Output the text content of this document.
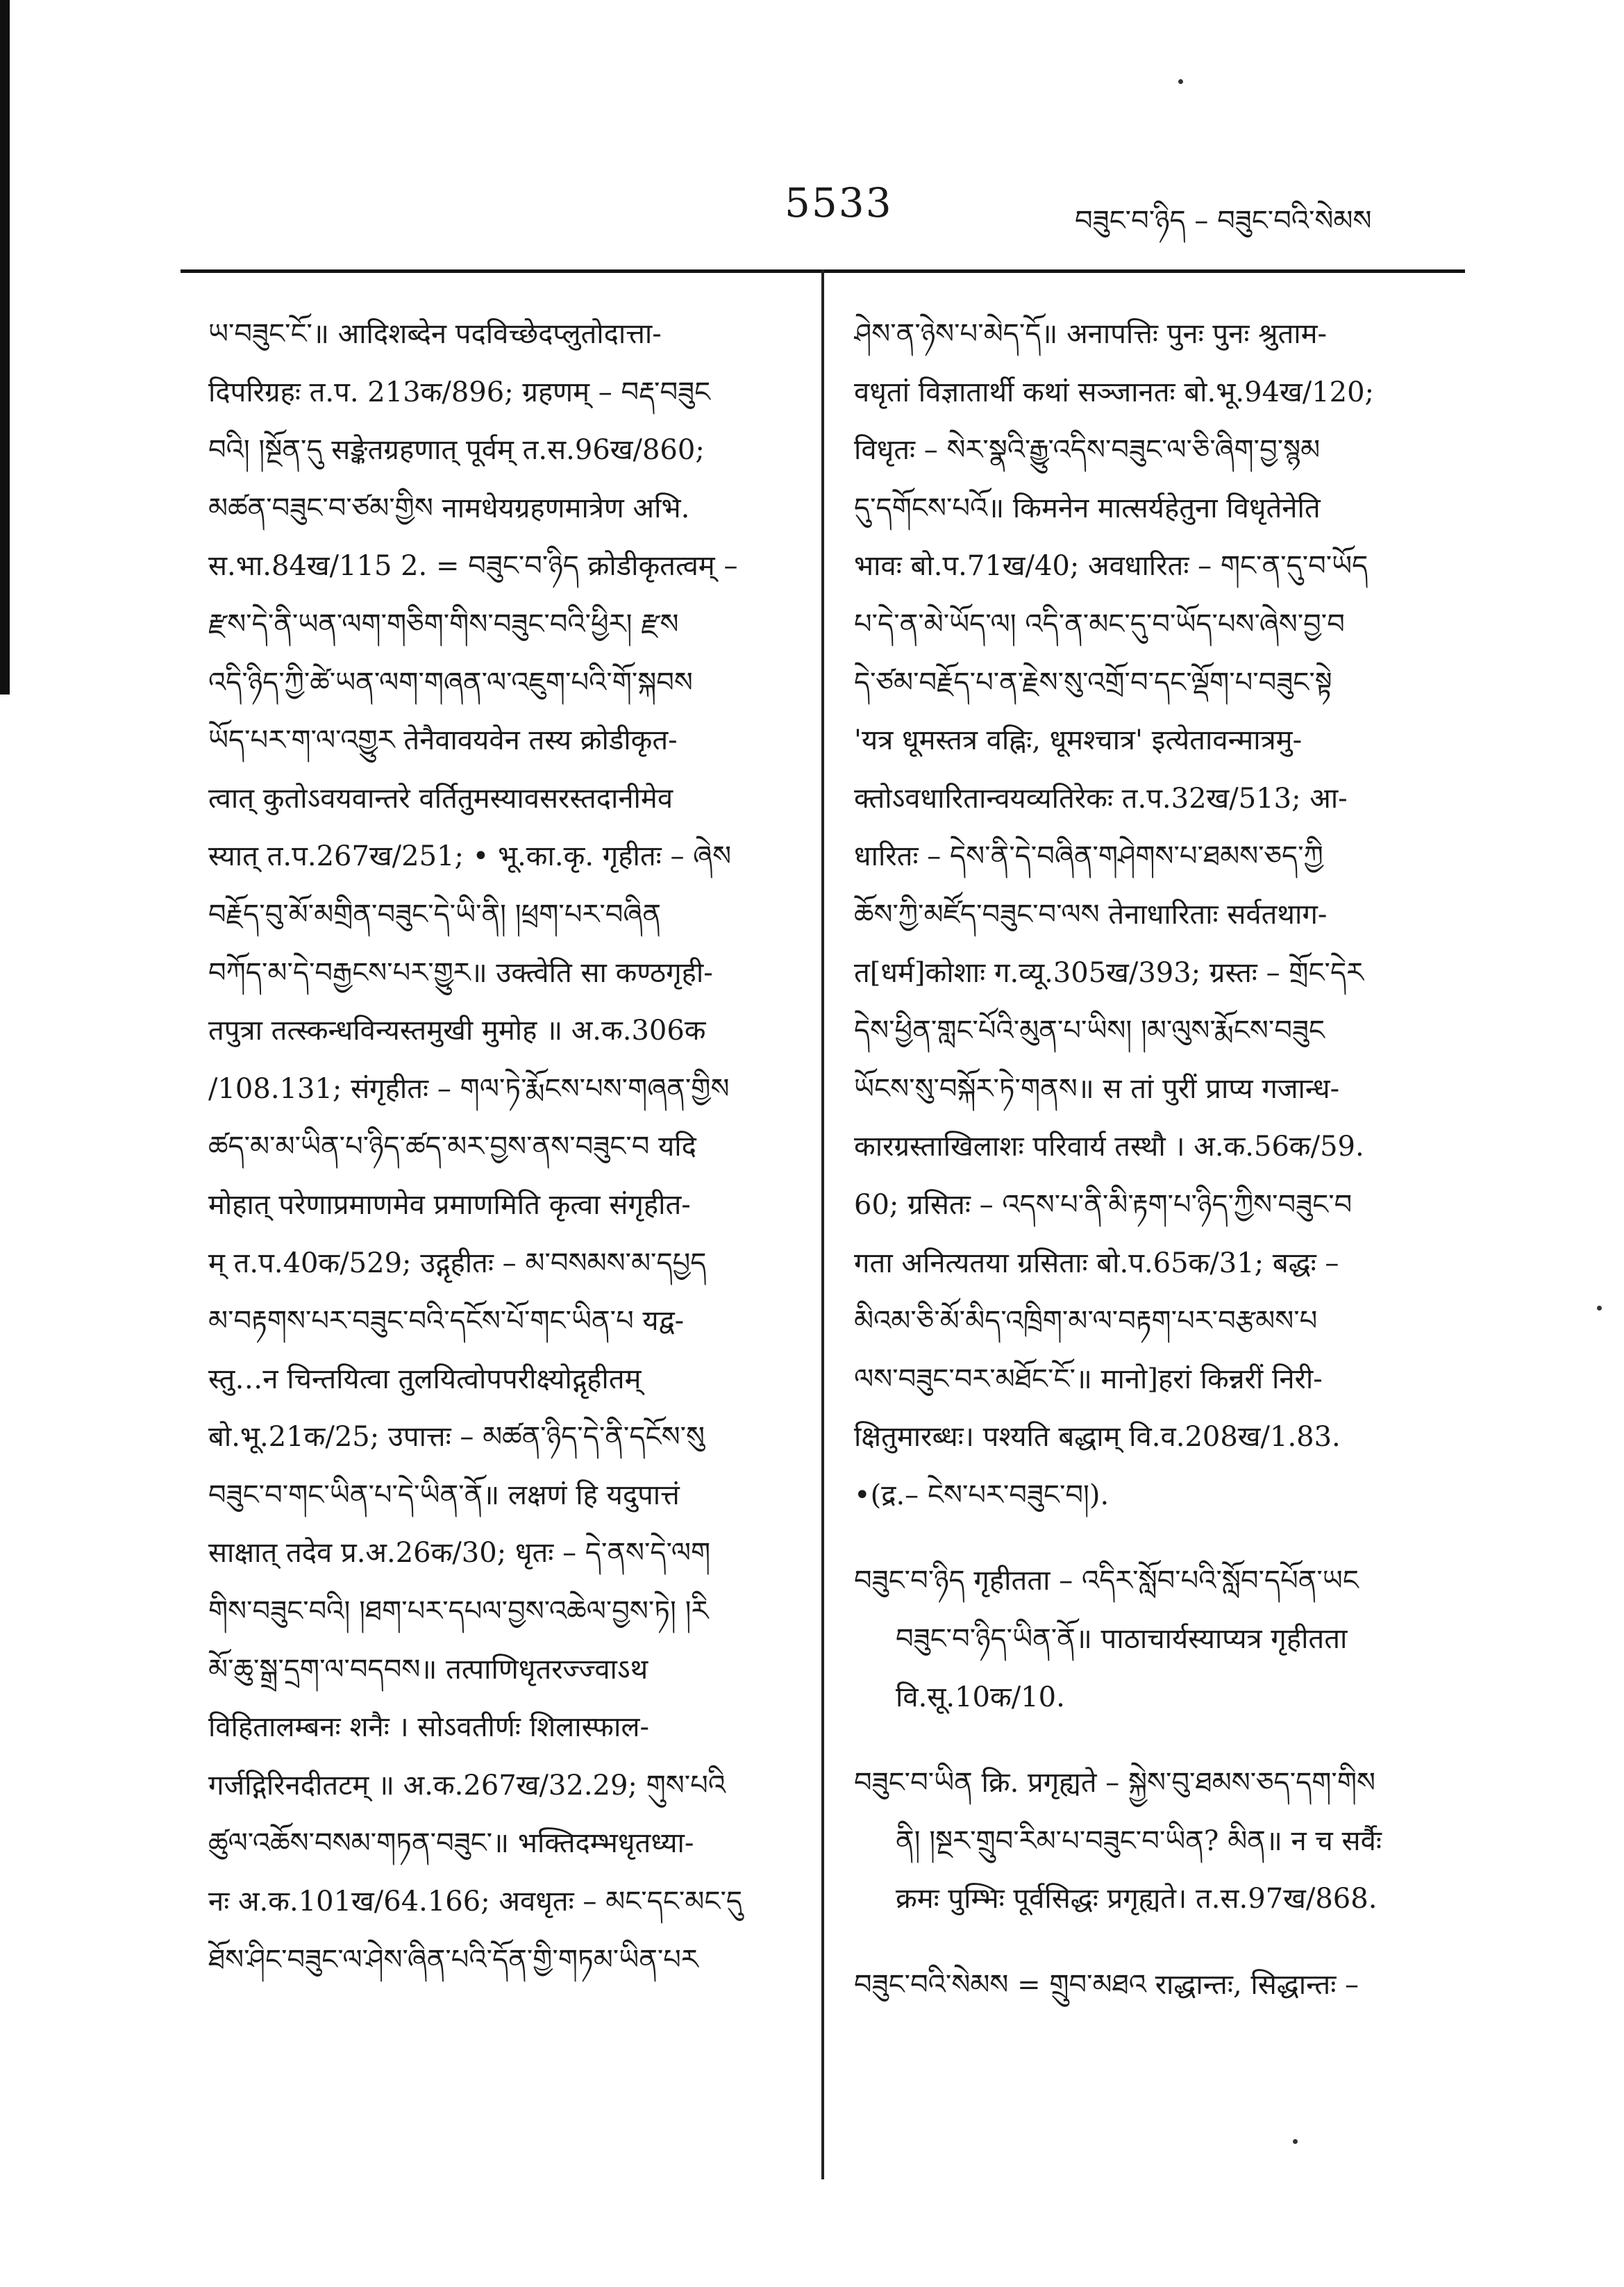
5533	བཟུང་བ་ཉིད – བཟུང་བའི་སེམས
ཡ་བཟུང་ངོ་॥ आदिशब्देन पदविच्छेदप्लुतोदात्ता-
दिपरिग्रहः त.प. 213क/896; ग्रहणम् – བརྡ་བཟུང
བའི། །སྔོན་དུ सङ्केतग्रहणात् पूर्वम् त.स.96ख/860;
མཚན་བཟུང་བ་ཙམ་གྱིས नामधेयग्रहणमात्रेण अभि.
स.भा.84ख/115 2. = བཟུང་བ་ཉིད क्रोडीकृतत्वम् –
རྫས་དེ་ནི་ཡན་ལག་གཅིག་གིས་བཟུང་བའི་ཕྱིར། རྫས
འདི་ཉིད་ཀྱི་ཚེ་ཡན་ལག་གཞན་ལ་འཇུག་པའི་གོ་སྐབས
ཡོད་པར་ག་ལ་འགྱུར तेनैवावयवेन तस्य क्रोडीकृत-
त्वात् कुतोऽवयवान्तरे वर्तितुमस्यावसरस्तदानीमेव
स्यात् त.प.267ख/251; • भू.का.कृ. गृहीतः – ཞེས
བརྗོད་བུ་མོ་མགྲིན་བཟུང་དེ་ཡི་ནི། །ཕྲག་པར་བཞིན
བཀོད་མ་དེ་བརྒྱངས་པར་གྱུར॥ उक्त्वेति सा कण्ठगृही-
तपुत्रा तत्स्कन्धविन्यस्तमुखी मुमोह ॥ अ.क.306क
/108.131; संगृहीतः – གལ་ཏེ་རྨོངས་པས་གཞན་གྱིས
ཚད་མ་མ་ཡིན་པ་ཉིད་ཚད་མར་བྱས་ནས་བཟུང་བ यदि
मोहात् परेणाप्रमाणमेव प्रमाणमिति कृत्वा संगृहीत-
म् त.प.40क/529; उद्गृहीतः – མ་བསམས་མ་དཔྱད
མ་བརྟགས་པར་བཟུང་བའི་དངོས་པོ་གང་ཡིན་པ यद्व-
स्तु…न चिन्तयित्वा तुलयित्वोपपरीक्ष्योद्गृहीतम्
बो.भू.21क/25; उपात्तः – མཚན་ཉིད་དེ་ནི་དངོས་སུ
བཟུང་བ་གང་ཡིན་པ་དེ་ཡིན་ནོ॥ लक्षणं हि यदुपात्तं
साक्षात् तदेव प्र.अ.26क/30; धृतः – དེ་ནས་དེ་ལག
གིས་བཟུང་བའི། །ཐག་པར་དཔལ་བྱས་འཆེལ་བྱས་ཏེ། །རི
མོ་ཆུ་སྒྲ་དྲག་ལ་བདབས॥ तत्पाणिधृतरज्ज्वाऽथ
विहितालम्बनः शनैः । सोऽवतीर्णः शिलास्फाल-
गर्जद्गिरिनदीतटम् ॥ अ.क.267ख/32.29; གུས་པའི
ཚུལ་འཆོས་བསམ་གཏན་བཟུང་॥ भक्तिदम्भधृतध्या-
नः अ.क.101ख/64.166; अवधृतः – མང་དང་མང་དུ
ཐོས་ཤིང་བཟུང་ལ་ཤེས་ཞིན་པའི་དོན་གྱི་གཏམ་ཡིན་པར
ཤེས་ན་ཉེས་པ་མེད་དོ॥ अनापत्तिः पुनः पुनः श्रुताम-
वधृतां विज्ञातार्थी कथां सञ्जानतः बो.भू.94ख/120;
विधृतः – སེར་སྣའི་རྒྱུ་འདིས་བཟུང་ལ་ཅི་ཞིག་བྱ་སྙམ
དུ་དགོངས་པའོ॥ किमनेन मात्सर्यहेतुना विधृतेनेति
भावः बो.प.71ख/40; अवधारितः – གང་ན་དུ་བ་ཡོད
པ་དེ་ན་མེ་ཡོད་ལ། འདི་ན་མང་དུ་བ་ཡོད་པས་ཞེས་བྱ་བ
དེ་ཙམ་བརྗོད་པ་ན་རྗེས་སུ་འགྲོ་བ་དང་ལྡོག་པ་བཟུང་སྟེ
'यत्र धूमस्तत्र वह्निः, धूमश्चात्र' इत्येतावन्मात्रमु-
क्तोऽवधारितान्वयव्यतिरेकः त.प.32ख/513; आ-
धारितः – དེས་ནི་དེ་བཞིན་གཤེགས་པ་ཐམས་ཅད་ཀྱི
ཆོས་ཀྱི་མཛོད་བཟུང་བ་ལས तेनाधारिताः सर्वतथाग-
त[धर्म]कोशाः ग.व्यू.305ख/393; ग्रस्तः – གྲོང་དེར
དེས་ཕྱིན་གླང་པོའི་མུན་པ་ཡིས། །མ་ལུས་རྨོངས་བཟུང
ཡོངས་སུ་བསྐོར་ཏེ་གནས॥ स तां पुरीं प्राप्य गजान्ध-
कारग्रस्ताखिलाशः परिवार्य तस्थौ । अ.क.56क/59.
60; ग्रसितः – འདས་པ་ནི་མི་རྟག་པ་ཉིད་ཀྱིས་བཟུང་བ
गता अनित्यतया ग्रसिताः बो.प.65क/31; बद्धः –
མིའམ་ཅི་མོ་མིད་འཁྲིག་མ་ལ་བརྟག་པར་བརྩམས་པ
ལས་བཟུང་བར་མཐོང་ངོ་॥ मानो]हरां किन्नरीं निरी-
क्षितुमारब्धः। पश्यति बद्धाम् वि.व.208ख/1.83.
•(द्र.– ངེས་པར་བཟུང་བ།).
བཟུང་བ་ཉིད गृहीतता – འདིར་སློབ་པའི་སློབ་དཔོན་ཡང
བཟུང་བ་ཉིད་ཡིན་ནོ॥ पाठाचार्यस्याप्यत्र गृहीतता
वि.सू.10क/10.
བཟུང་བ་ཡིན क्रि. प्रगृह्यते – སྐྱེས་བུ་ཐམས་ཅད་དག་གིས
ནི། །སྔར་གྲུབ་རིམ་པ་བཟུང་བ་ཡིན? མིན॥ न च सर्वैः
क्रमः पुम्भिः पूर्वसिद्धः प्रगृह्यते। त.स.97ख/868.
བཟུང་བའི་སེམས = གྲུབ་མཐའ राद्धान्तः, सिद्धान्तः –
